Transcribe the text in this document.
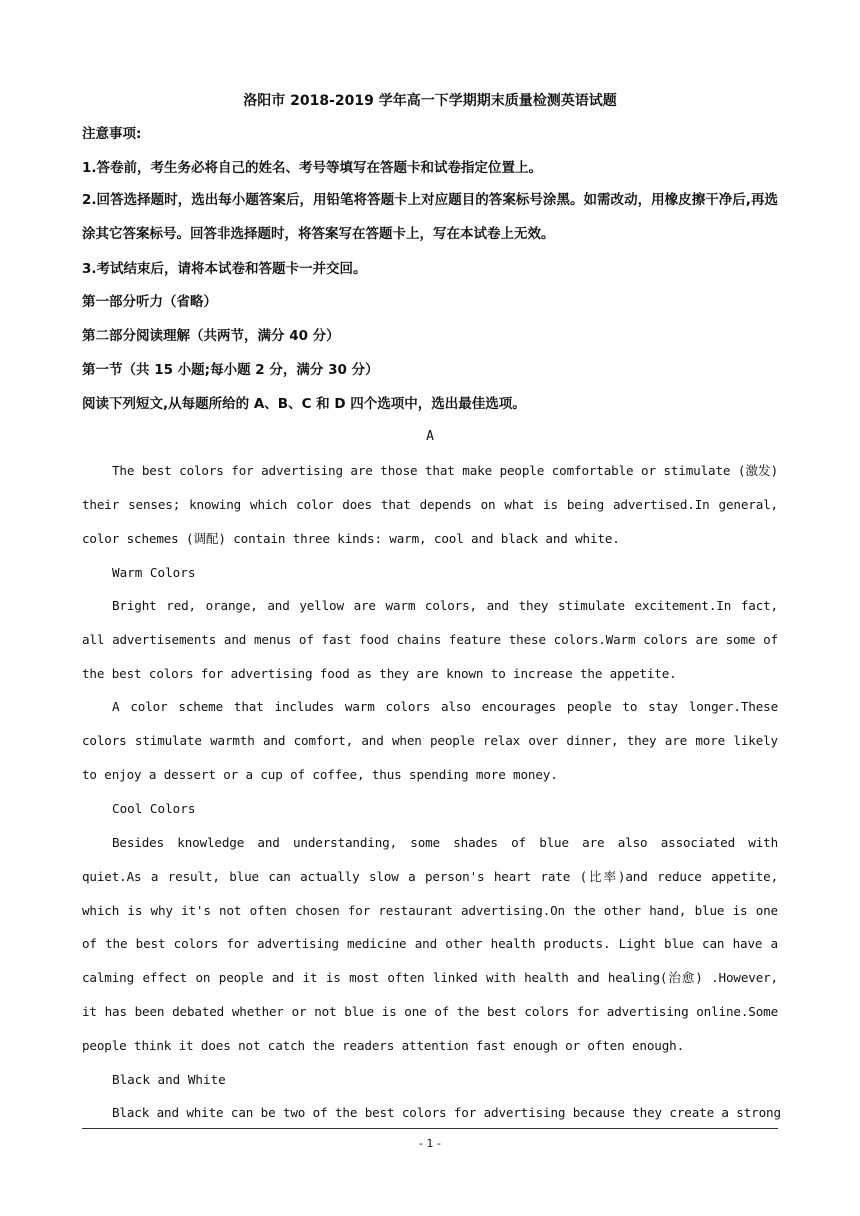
洛阳市 2018-2019 学年高一下学期期末质量检测英语试题
注意事项:
1.答卷前，考生务必将自己的姓名、考号等填写在答题卡和试卷指定位置上。
2.回答选择题时，选出每小题答案后，用铅笔将答题卡上对应题目的答案标号涂黑。如需改动，用橡皮擦干净后,再选涂其它答案标号。回答非选择题时，将答案写在答题卡上，写在本试卷上无效。
3.考试结束后，请将本试卷和答题卡一并交回。
第一部分听力（省略）
第二部分阅读理解（共两节，满分 40 分）
第一节（共 15 小题;每小题 2 分，满分 30 分）
阅读下列短文,从每题所给的 A、B、C 和 D 四个选项中，选出最佳选项。
A
The best colors for advertising are those that make people comfortable or stimulate (激发) their senses; knowing which color does that depends on what is being advertised.In general, color schemes (调配) contain three kinds: warm, cool and black and white.
Warm Colors
Bright red, orange, and yellow are warm colors, and they stimulate excitement.In fact, all advertisements and menus of fast food chains feature these colors.Warm colors are some of the best colors for advertising food as they are known to increase the appetite.
A color scheme that includes warm colors also encourages people to stay longer.These colors stimulate warmth and comfort, and when people relax over dinner, they are more likely to enjoy a dessert or a cup of coffee, thus spending more money.
Cool Colors
Besides knowledge and understanding, some shades of blue are also associated with quiet.As a result, blue can actually slow a person's heart rate (比率)and reduce appetite, which is why it's not often chosen for restaurant advertising.On the other hand, blue is one of the best colors for advertising medicine and other health products. Light blue can have a calming effect on people and it is most often linked with health and healing(治愈) .However, it has been debated whether or not blue is one of the best colors for advertising online.Some people think it does not catch the readers attention fast enough or often enough.
Black and White
Black and white can be two of the best colors for advertising because they create a strong
- 1 -
